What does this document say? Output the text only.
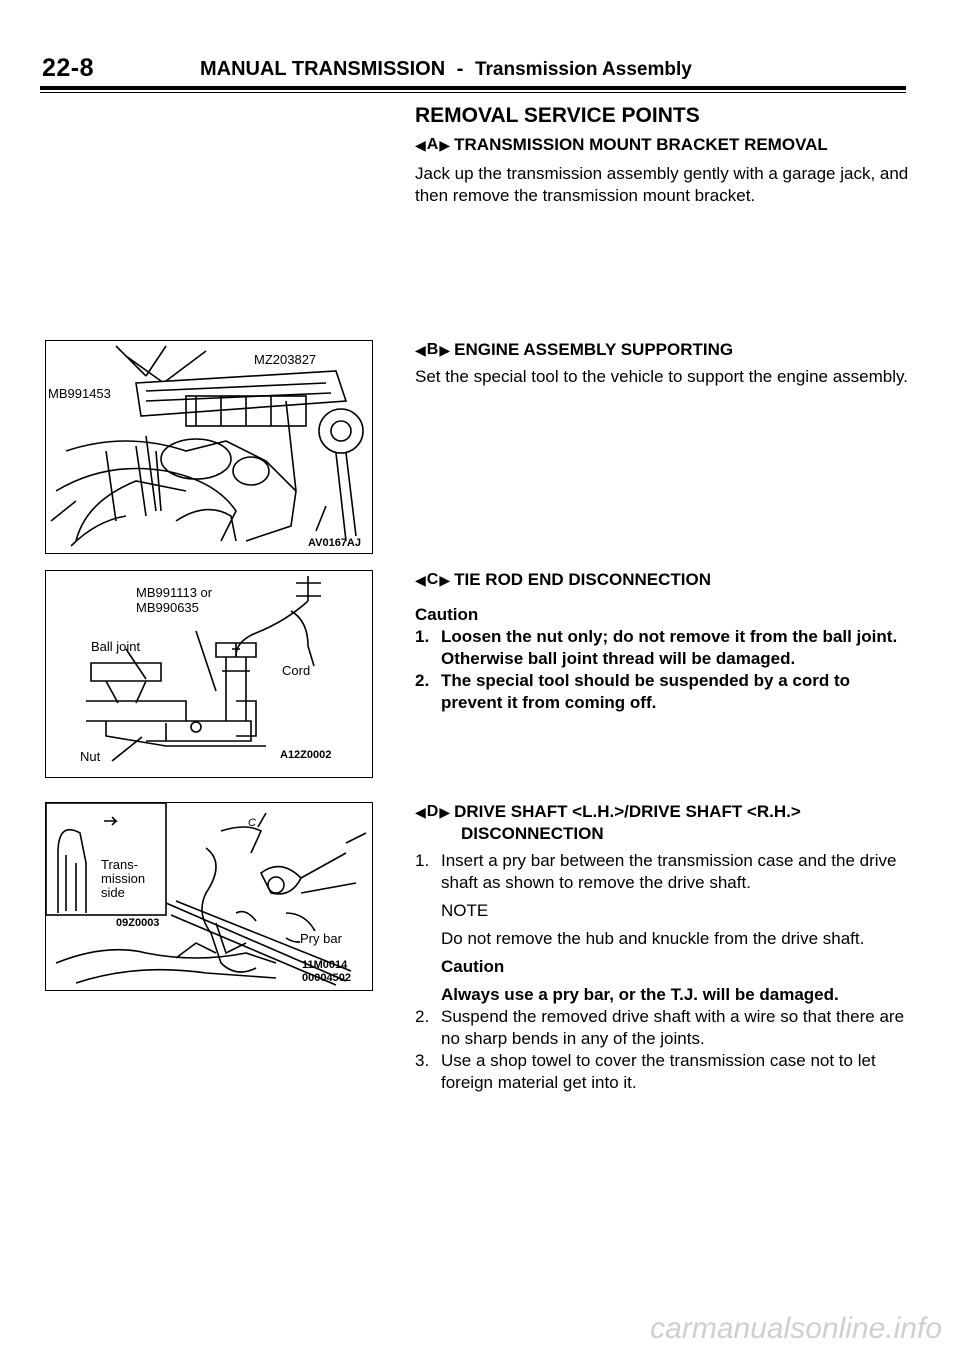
22-8	MANUAL TRANSMISSION - Transmission Assembly
REMOVAL SERVICE POINTS
◀ A ▶ TRANSMISSION MOUNT BRACKET REMOVAL
Jack up the transmission assembly gently with a garage jack, and then remove the transmission mount bracket.
◀ B ▶ ENGINE ASSEMBLY SUPPORTING
Set the special tool to the vehicle to support the engine assembly.
◀ C ▶ TIE ROD END DISCONNECTION
Caution
1. Loosen the nut only; do not remove it from the ball joint. Otherwise ball joint thread will be damaged.
2. The special tool should be suspended by a cord to prevent it from coming off.
◀ D ▶ DRIVE SHAFT <L.H.>/DRIVE SHAFT <R.H.>
DISCONNECTION
1. Insert a pry bar between the transmission case and the drive shaft as shown to remove the drive shaft.
NOTE
Do not remove the hub and knuckle from the drive shaft.
Caution
Always use a pry bar, or the T.J. will be damaged.
2. Suspend the removed drive shaft with a wire so that there are no sharp bends in any of the joints.
3. Use a shop towel to cover the transmission case not to let foreign material get into it.
MB991453
MZ203827
AV0167AJ
MB991113 or
MB990635
Ball joint
Cord
Nut	A12Z0002
Trans-
mission
side
09Z0003
C
Pry bar
11M0014
00004502
carmanualsonline.info
